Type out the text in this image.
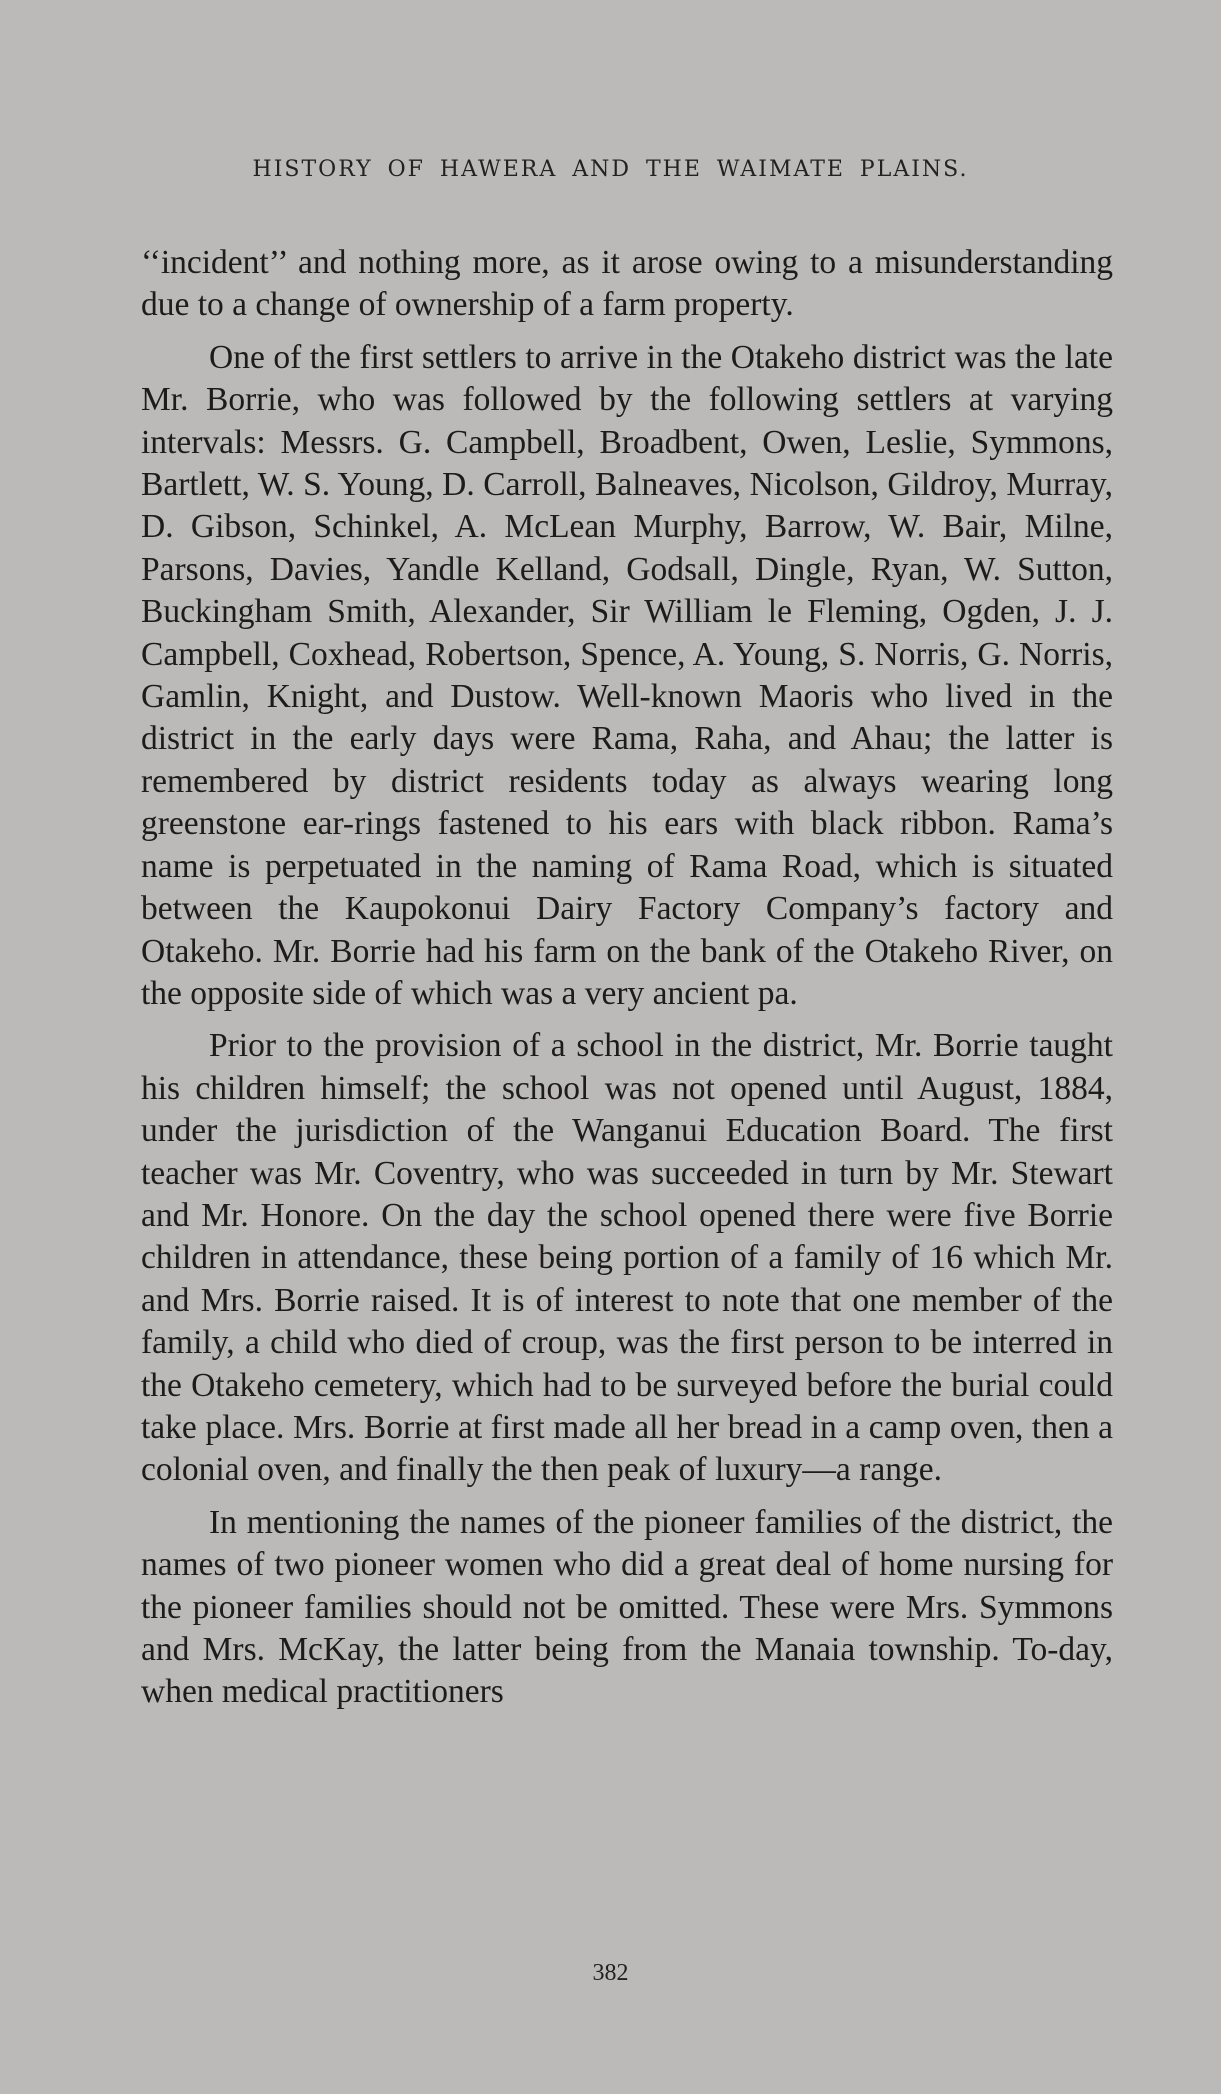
HISTORY OF HAWERA AND THE WAIMATE PLAINS.

‘‘incident’’ and nothing more, as it arose owing to a misunderstanding due to a change of ownership of a farm property.

One of the first settlers to arrive in the Otakeho district was the late Mr. Borrie, who was followed by the following settlers at varying intervals: Messrs. G. Campbell, Broadbent, Owen, Leslie, Symmons, Bartlett, W. S. Young, D. Carroll, Balneaves, Nicolson, Gildroy, Murray, D. Gibson, Schinkel, A. McLean Murphy, Barrow, W. Bair, Milne, Parsons, Davies, Yandle Kelland, Godsall, Dingle, Ryan, W. Sutton, Buckingham Smith, Alexander, Sir William le Fleming, Ogden, J. J. Campbell, Coxhead, Robertson, Spence, A. Young, S. Norris, G. Norris, Gamlin, Knight, and Dustow. Well-known Maoris who lived in the district in the early days were Rama, Raha, and Ahau; the latter is remembered by district residents today as always wearing long greenstone ear-rings fastened to his ears with black ribbon. Rama’s name is perpetuated in the naming of Rama Road, which is situated between the Kaupokonui Dairy Factory Company’s factory and Otakeho. Mr. Borrie had his farm on the bank of the Otakeho River, on the opposite side of which was a very ancient pa.

Prior to the provision of a school in the district, Mr. Borrie taught his children himself; the school was not opened until August, 1884, under the jurisdiction of the Wanganui Education Board. The first teacher was Mr. Coventry, who was succeeded in turn by Mr. Stewart and Mr. Honore. On the day the school opened there were five Borrie children in attendance, these being portion of a family of 16 which Mr. and Mrs. Borrie raised. It is of interest to note that one member of the family, a child who died of croup, was the first person to be interred in the Otakeho cemetery, which had to be surveyed before the burial could take place. Mrs. Borrie at first made all her bread in a camp oven, then a colonial oven, and finally the then peak of luxury—a range.

In mentioning the names of the pioneer families of the district, the names of two pioneer women who did a great deal of home nursing for the pioneer families should not be omitted. These were Mrs. Symmons and Mrs. McKay, the latter being from the Manaia township. To-day, when medical practitioners

382
